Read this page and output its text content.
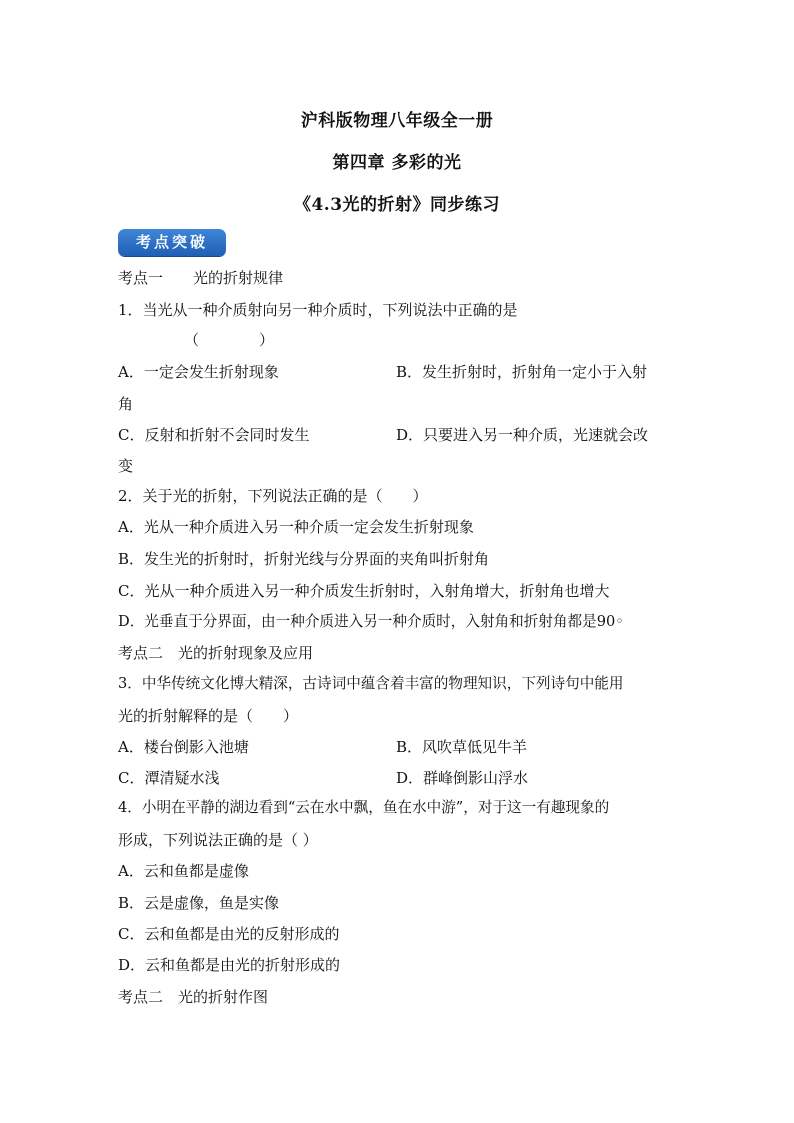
沪科版物理八年级全一册
第四章 多彩的光
《4.3光的折射》同步练习
考点突破
考点一　　光的折射规律
1．当光从一种介质射向另一种介质时，下列说法中正确的是
（　　　　）
A．一定会发生折射现象	B．发生折射时，折射角一定小于入射
角
C．反射和折射不会同时发生	D．只要进入另一种介质，光速就会改
变
2．关于光的折射，下列说法正确的是（　　）
A．光从一种介质进入另一种介质一定会发生折射现象
B．发生光的折射时，折射光线与分界面的夹角叫折射角
C．光从一种介质进入另一种介质发生折射时，入射角增大，折射角也增大
D．光垂直于分界面，由一种介质进入另一种介质时，入射角和折射角都是90◦
考点二　光的折射现象及应用
3．中华传统文化博大精深，古诗词中蕴含着丰富的物理知识，下列诗句中能用
光的折射解释的是（　　）
A．楼台倒影入池塘	B．风吹草低见牛羊
C．潭清疑水浅	D．群峰倒影山浮水
4．小明在平静的湖边看到“云在水中飘，鱼在水中游”，对于这一有趣现象的
形成，下列说法正确的是（ ）
A．云和鱼都是虚像
B．云是虚像，鱼是实像
C．云和鱼都是由光的反射形成的
D．云和鱼都是由光的折射形成的
考点二　光的折射作图
